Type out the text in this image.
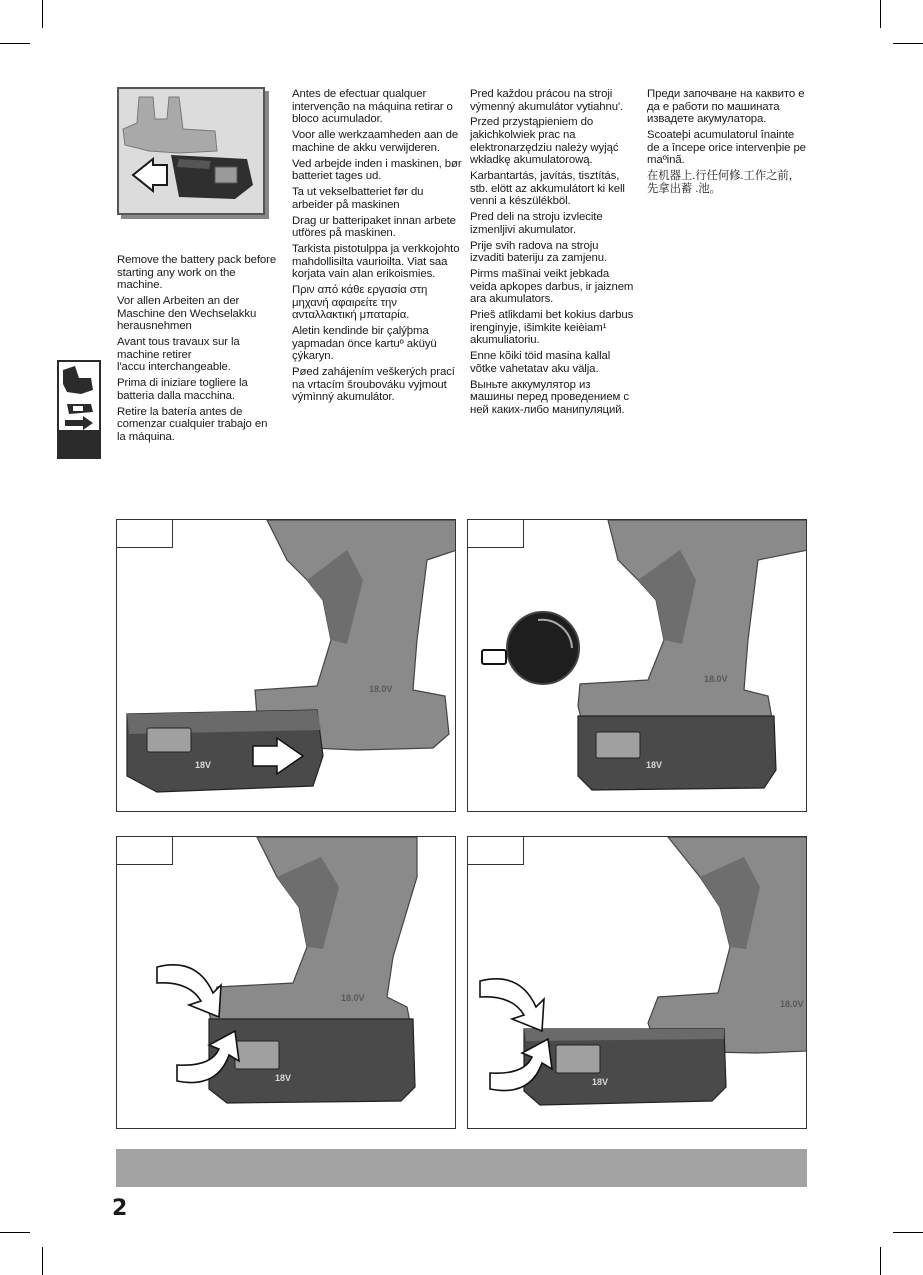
Remove the battery pack before starting any work on the machine.

Vor allen Arbeiten an der Maschine den Wechselakku herausnehmen

Avant tous travaux sur la machine retirer

l'accu interchangeable.

Prima di iniziare togliere la batteria dalla macchina.

Retire la batería antes de comenzar cualquier trabajo en la máquina.

Antes de efectuar qualquer intervenção na máquina retirar o bloco acumulador.

Voor alle werkzaamheden aan de machine de akku verwijderen.

Ved arbejde inden i maskinen, bør batteriet tages ud.

Ta ut vekselbatteriet før du arbeider på maskinen

Drag ur batteripaket innan arbete utföres på maskinen.

Tarkista pistotulppa ja verkkojohto mahdollisilta vaurioilta. Viat saa korjata vain alan erikoismies.

Πριν από κάθε εργασία στη μηχανή αφαιρείτε την ανταλλακτική μπαταρία.

Aletin kendinde bir çalýþma yapmadan önce kartuº aküyü çýkaryn.

Pøed zahájením veškerých prací na vrtacím šroubováku vyjmout výmìnný akumulátor.

Pred každou prácou na stroji výmenný akumulátor vytiahnu'.

Przed przystąpieniem do jakichkolwiek prac na elektronarzędziu należy wyjąć wkładkę akumulatorową.

Karbantartás, javítás, tisztítás, stb. elött az akkumulátort ki kell venni a készülékböl.

Pred deli na stroju izvlecite izmenljivi akumulator.

Prije svih radova na stroju izvaditi bateriju za zamjenu.

Pirms mašīnai veikt jebkada veida apkopes darbus, ir jaiznem ara akumulators.

Prieš atlikdami bet kokius darbus irenginyje, išimkite keièiam¹ akumuliatoriu.

Enne kõiki töid masina kallal võtke vahetatav aku välja.

Выньте аккумулятор из машины перед проведением с ней каких-либо манипуляций.

Преди започване на каквито е да е работи по машината извадете акумулатора.

Scoateþi acumulatorul înainte de a începe orice intervenþie pe maºinã.

在机器上.行任何修.工作之前，先拿出蓄 .池。

18V
18.0V
18V
18.0V
18V
18.0V
18V
18.0V
2
